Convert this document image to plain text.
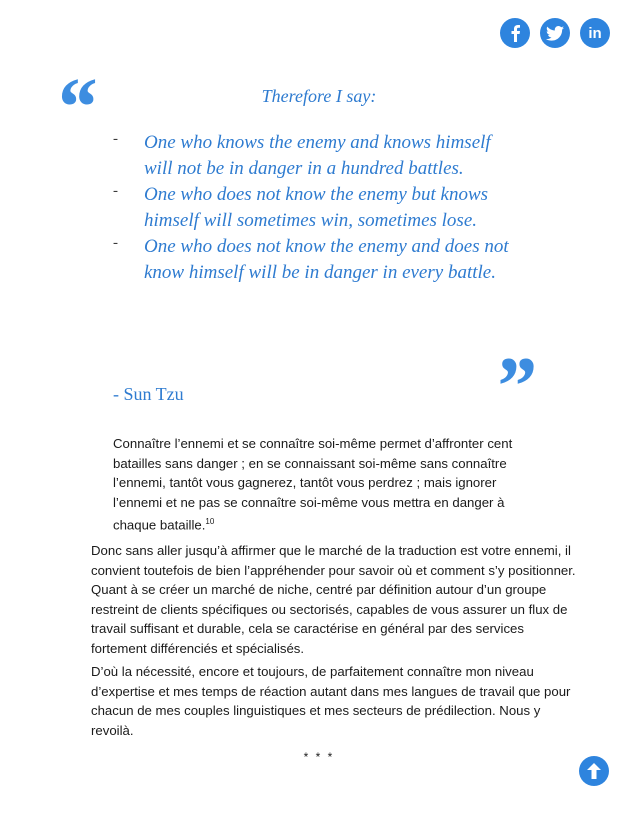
in
“	Therefore I say:
- One who knows the enemy and knows himself will not be in danger in a hundred battles.
- One who does not know the enemy but knows himself will sometimes win, sometimes lose.
- One who does not know the enemy and does not know himself will be in danger in every battle.
”
- Sun Tzu

Connaître l’ennemi et se connaître soi-même permet d’affronter cent batailles sans danger ; en se connaissant soi-même sans connaître l’ennemi, tantôt vous gagnerez, tantôt vous perdrez ; mais ignorer l’ennemi et ne pas se connaître soi-même vous mettra en danger à chaque bataille.$^{10}$

Donc sans aller jusqu’à affirmer que le marché de la traduction est votre ennemi, il convient toutefois de bien l’appréhender pour savoir où et comment s’y positionner. Quant à se créer un marché de niche, centré par définition autour d’un groupe restreint de clients spécifiques ou sectorisés, capables de vous assurer un flux de travail suffisant et durable, cela se caractérise en général par des services fortement différenciés et spécialisés.

D’où la nécessité, encore et toujours, de parfaitement connaître mon niveau d’expertise et mes temps de réaction autant dans mes langues de travail que pour chacun de mes couples linguistiques et mes secteurs de prédilection. Nous y revoilà.

* * *
